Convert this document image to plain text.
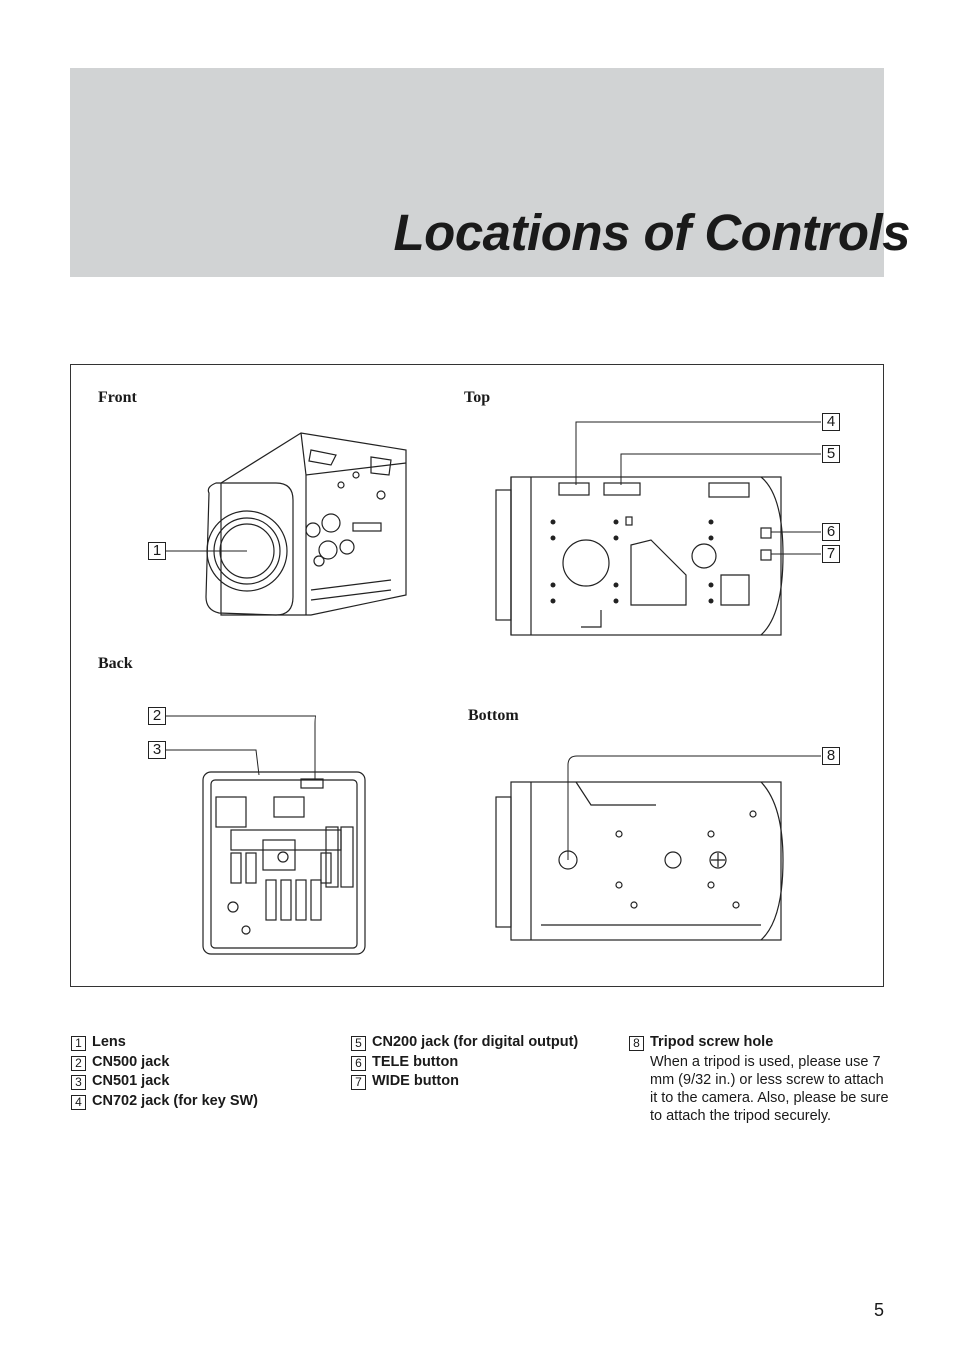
Locations of Controls
Front	Top
Back
Bottom
1
4
5
6
7
2
3	8
1 Lens
2 CN500 jack
3 CN501 jack
4 CN702 jack (for key SW)
5 CN200 jack (for digital output)
6 TELE button
7 WIDE button
8 Tripod screw hole
When a tripod is used, please use 7 mm (9/32 in.) or less screw to attach it to the camera. Also, please be sure to attach the tripod securely.
5
